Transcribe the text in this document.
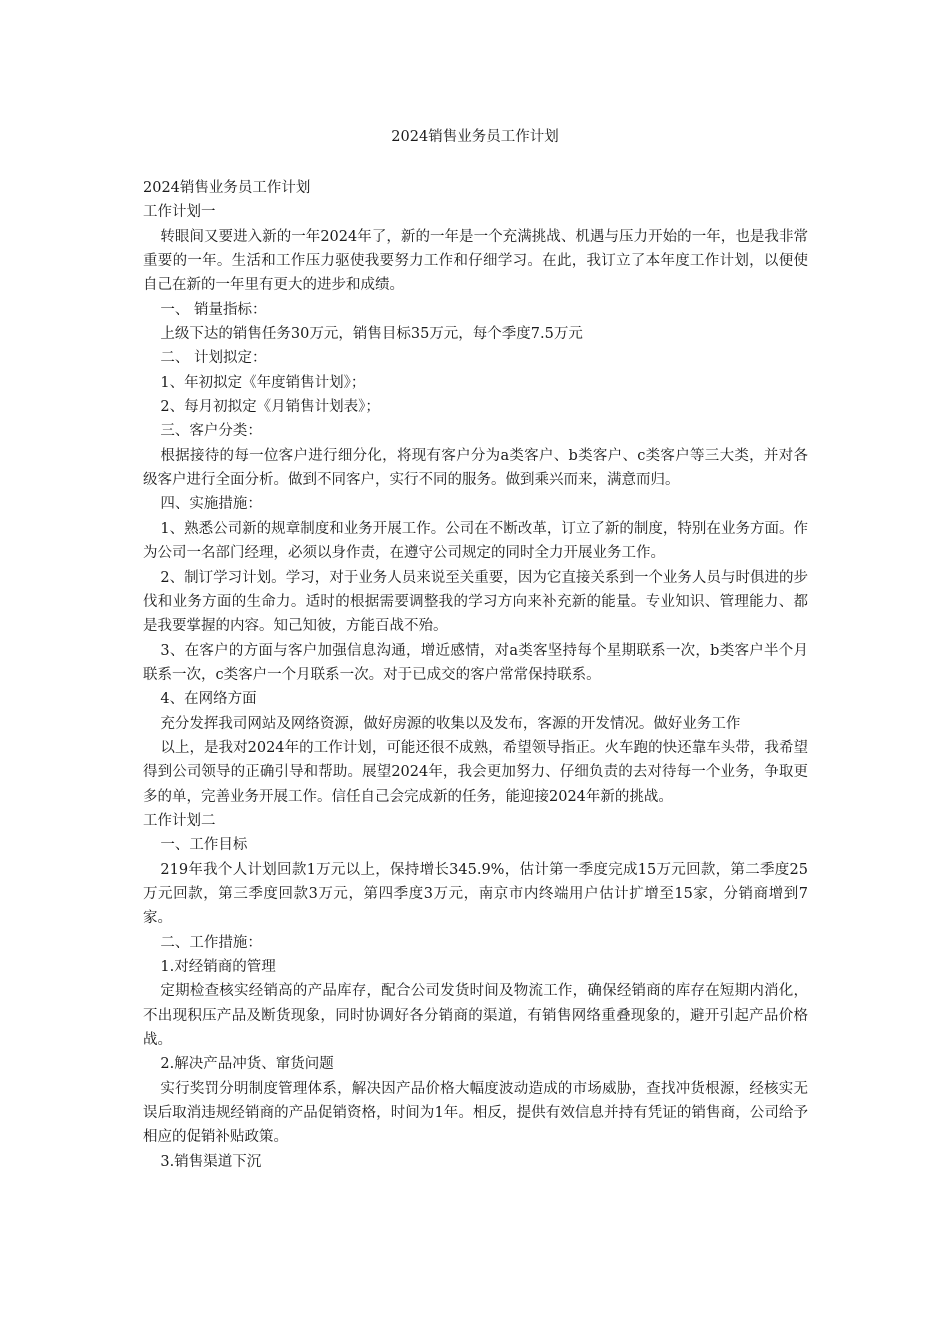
2024销售业务员工作计划

2024销售业务员工作计划

工作计划一

转眼间又要进入新的一年2024年了，新的一年是一个充满挑战、机遇与压力开始的一年，也是我非常重要的一年。生活和工作压力驱使我要努力工作和仔细学习。在此，我订立了本年度工作计划，以便使自己在新的一年里有更大的进步和成绩。

一、 销量指标：

上级下达的销售任务30万元，销售目标35万元，每个季度7.5万元

二、 计划拟定：

1、年初拟定《年度销售计划》；

2、每月初拟定《月销售计划表》；

三、客户分类：

根据接待的每一位客户进行细分化，将现有客户分为a类客户、b类客户、c类客户等三大类，并对各级客户进行全面分析。做到不同客户，实行不同的服务。做到乘兴而来，满意而归。

四、实施措施：

1、熟悉公司新的规章制度和业务开展工作。公司在不断改革，订立了新的制度，特别在业务方面。作为公司一名部门经理，必须以身作责，在遵守公司规定的同时全力开展业务工作。

2、制订学习计划。学习，对于业务人员来说至关重要，因为它直接关系到一个业务人员与时俱进的步伐和业务方面的生命力。适时的根据需要调整我的学习方向来补充新的能量。专业知识、管理能力、都是我要掌握的内容。知己知彼，方能百战不殆。

3、在客户的方面与客户加强信息沟通，增近感情，对a类客坚持每个星期联系一次，b类客户半个月联系一次，c类客户一个月联系一次。对于已成交的客户常常保持联系。

4、在网络方面

充分发挥我司网站及网络资源，做好房源的收集以及发布，客源的开发情况。做好业务工作

以上，是我对2024年的工作计划，可能还很不成熟，希望领导指正。火车跑的快还靠车头带，我希望得到公司领导的正确引导和帮助。展望2024年，我会更加努力、仔细负责的去对待每一个业务，争取更多的单，完善业务开展工作。信任自己会完成新的任务，能迎接2024年新的挑战。

工作计划二

一、工作目标

219年我个人计划回款1万元以上，保持增长345.9%，估计第一季度完成15万元回款，第二季度25万元回款，第三季度回款3万元，第四季度3万元，南京市内终端用户估计扩增至15家，分销商增到7家。

二、工作措施：

1.对经销商的管理

定期检查核实经销高的产品库存，配合公司发货时间及物流工作，确保经销商的库存在短期内消化，不出现积压产品及断货现象，同时协调好各分销商的渠道，有销售网络重叠现象的，避开引起产品价格战。

2.解决产品冲货、窜货问题

实行奖罚分明制度管理体系，解决因产品价格大幅度波动造成的市场威胁，查找冲货根源，经核实无误后取消违规经销商的产品促销资格，时间为1年。相反，提供有效信息并持有凭证的销售商，公司给予相应的促销补贴政策。

3.销售渠道下沉
